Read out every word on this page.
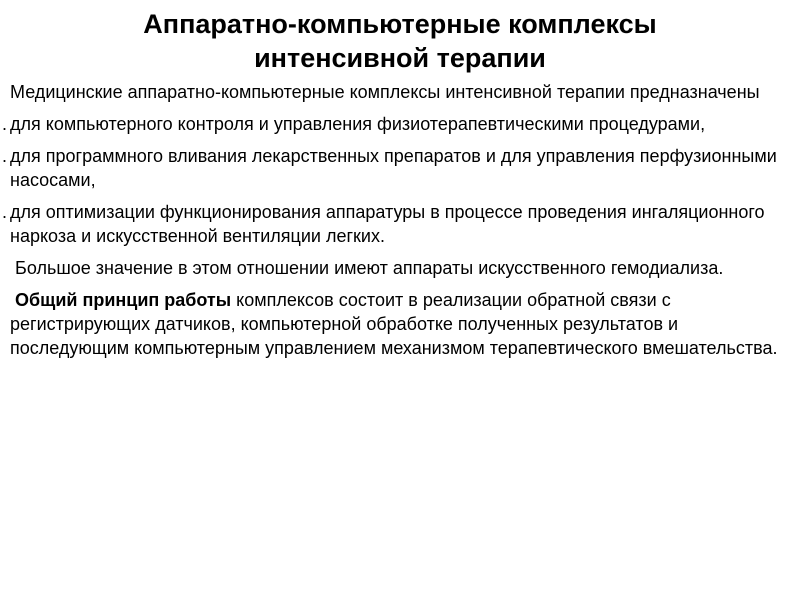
Аппаратно-компьютерные комплексы
интенсивной терапии

Медицинские аппаратно-компьютерные комплексы интенсивной терапии предназначены

. для компьютерного контроля и управления физиотерапевтическими процедурами,
. для программного вливания лекарственных препаратов и для управления перфузионными насосами,
. для оптимизации функционирования аппаратуры в процессе проведения ингаляционного наркоза и искусственной вентиляции легких.

Большое значение в этом отношении имеют аппараты искусственного гемодиализа.

Общий принцип работы комплексов состоит в реализации обратной связи с регистрирующих датчиков, компьютерной обработке полученных результатов и последующим компьютерным управлением механизмом терапевтического вмешательства.
